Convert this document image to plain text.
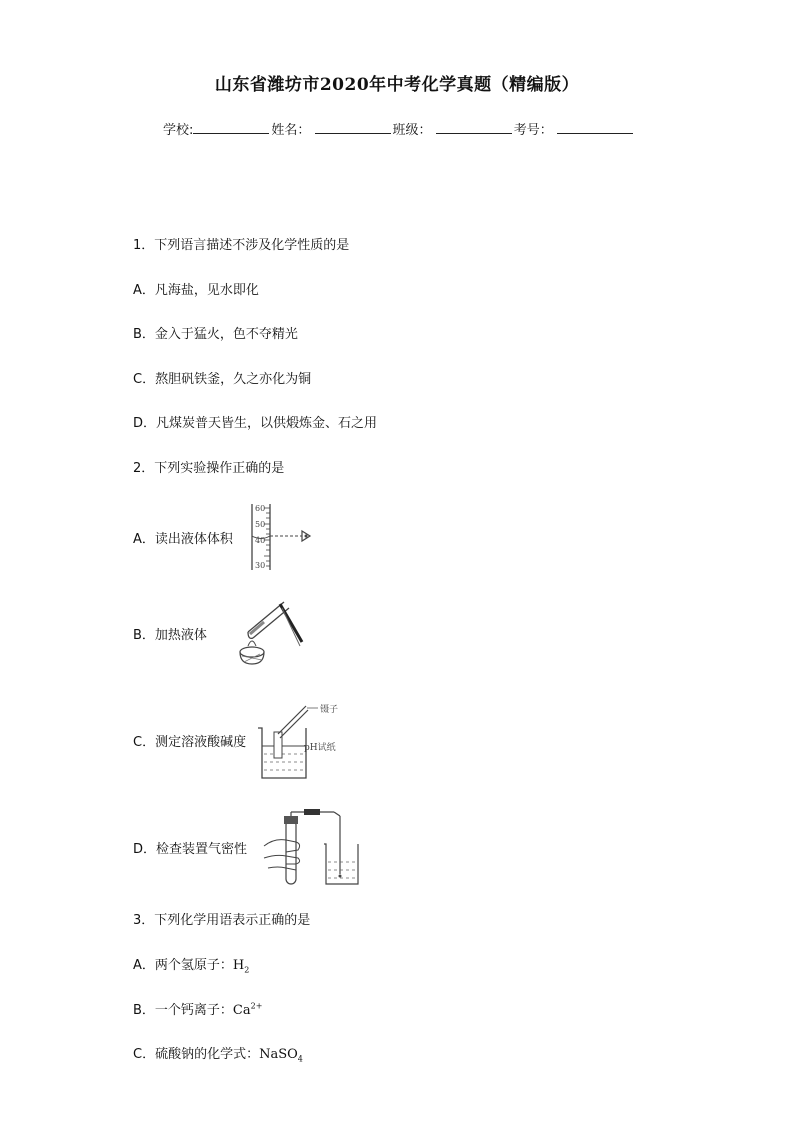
山东省潍坊市2020年中考化学真题（精编版）
学校:	姓名：	班级：	考号：
1．下列语言描述不涉及化学性质的是
A．凡海盐，见水即化
B．金入于猛火，色不夺精光
C．熬胆矾铁釜，久之亦化为铜
D．凡煤炭普天皆生，以供煅炼金、石之用
2．下列实验操作正确的是
A．读出液体体积
60
50
40
30
B．加热液体
C．测定溶液酸碱度
镊子
pH试纸
D．检查装置气密性
3．下列化学用语表示正确的是
A．两个氢原子：$H_2$
B．一个钙离子：$Ca^{2+}$
C．硫酸钠的化学式：NaSO$_4$
